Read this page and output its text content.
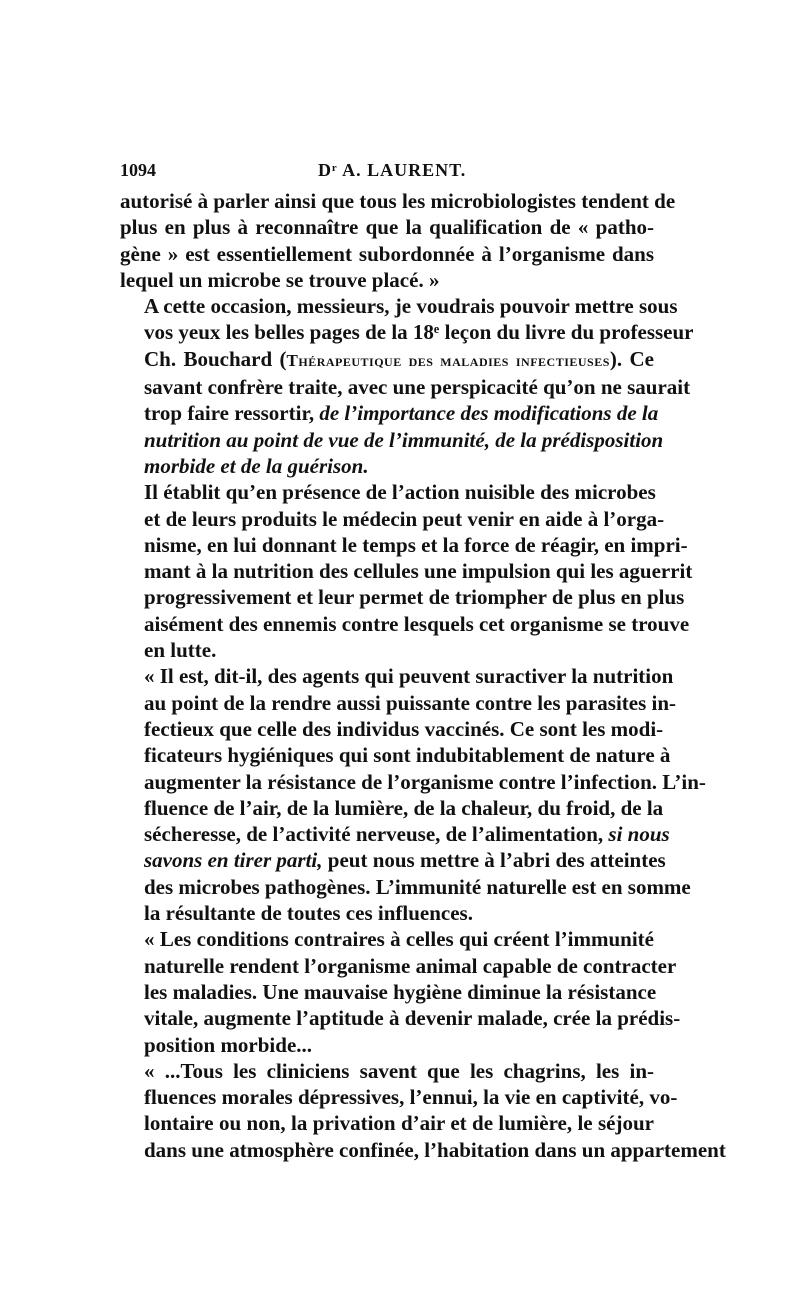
1094	Dʳ A. LAURENT.

autorisé à parler ainsi que tous les microbiologistes tendent de
plus en plus à reconnaître que la qualification de « patho-
gène » est essentiellement subordonnée à l’organisme dans
lequel un microbe se trouve placé. »

A cette occasion, messieurs, je voudrais pouvoir mettre sous
vos yeux les belles pages de la 18ᵉ leçon du livre du professeur
Ch. Bouchard (Thérapeutique des maladies infectieuses). Ce
savant confrère traite, avec une perspicacité qu’on ne saurait
trop faire ressortir, de l’importance des modifications de la
nutrition au point de vue de l’immunité, de la prédisposition
morbide et de la guérison.

Il établit qu’en présence de l’action nuisible des microbes
et de leurs produits le médecin peut venir en aide à l’orga-
nisme, en lui donnant le temps et la force de réagir, en impri-
mant à la nutrition des cellules une impulsion qui les aguerrit
progressivement et leur permet de triompher de plus en plus
aisément des ennemis contre lesquels cet organisme se trouve
en lutte.

« Il est, dit-il, des agents qui peuvent suractiver la nutrition
au point de la rendre aussi puissante contre les parasites in-
fectieux que celle des individus vaccinés. Ce sont les modi-
ficateurs hygiéniques qui sont indubitablement de nature à
augmenter la résistance de l’organisme contre l’infection. L’in-
fluence de l’air, de la lumière, de la chaleur, du froid, de la
sécheresse, de l’activité nerveuse, de l’alimentation, si nous
savons en tirer parti, peut nous mettre à l’abri des atteintes
des microbes pathogènes. L’immunité naturelle est en somme
la résultante de toutes ces influences.

« Les conditions contraires à celles qui créent l’immunité
naturelle rendent l’organisme animal capable de contracter
les maladies. Une mauvaise hygiène diminue la résistance
vitale, augmente l’aptitude à devenir malade, crée la prédis-
position morbide...

« ...Tous les cliniciens savent que les chagrins, les in-
fluences morales dépressives, l’ennui, la vie en captivité, vo-
lontaire ou non, la privation d’air et de lumière, le séjour
dans une atmosphère confinée, l’habitation dans un appartement
